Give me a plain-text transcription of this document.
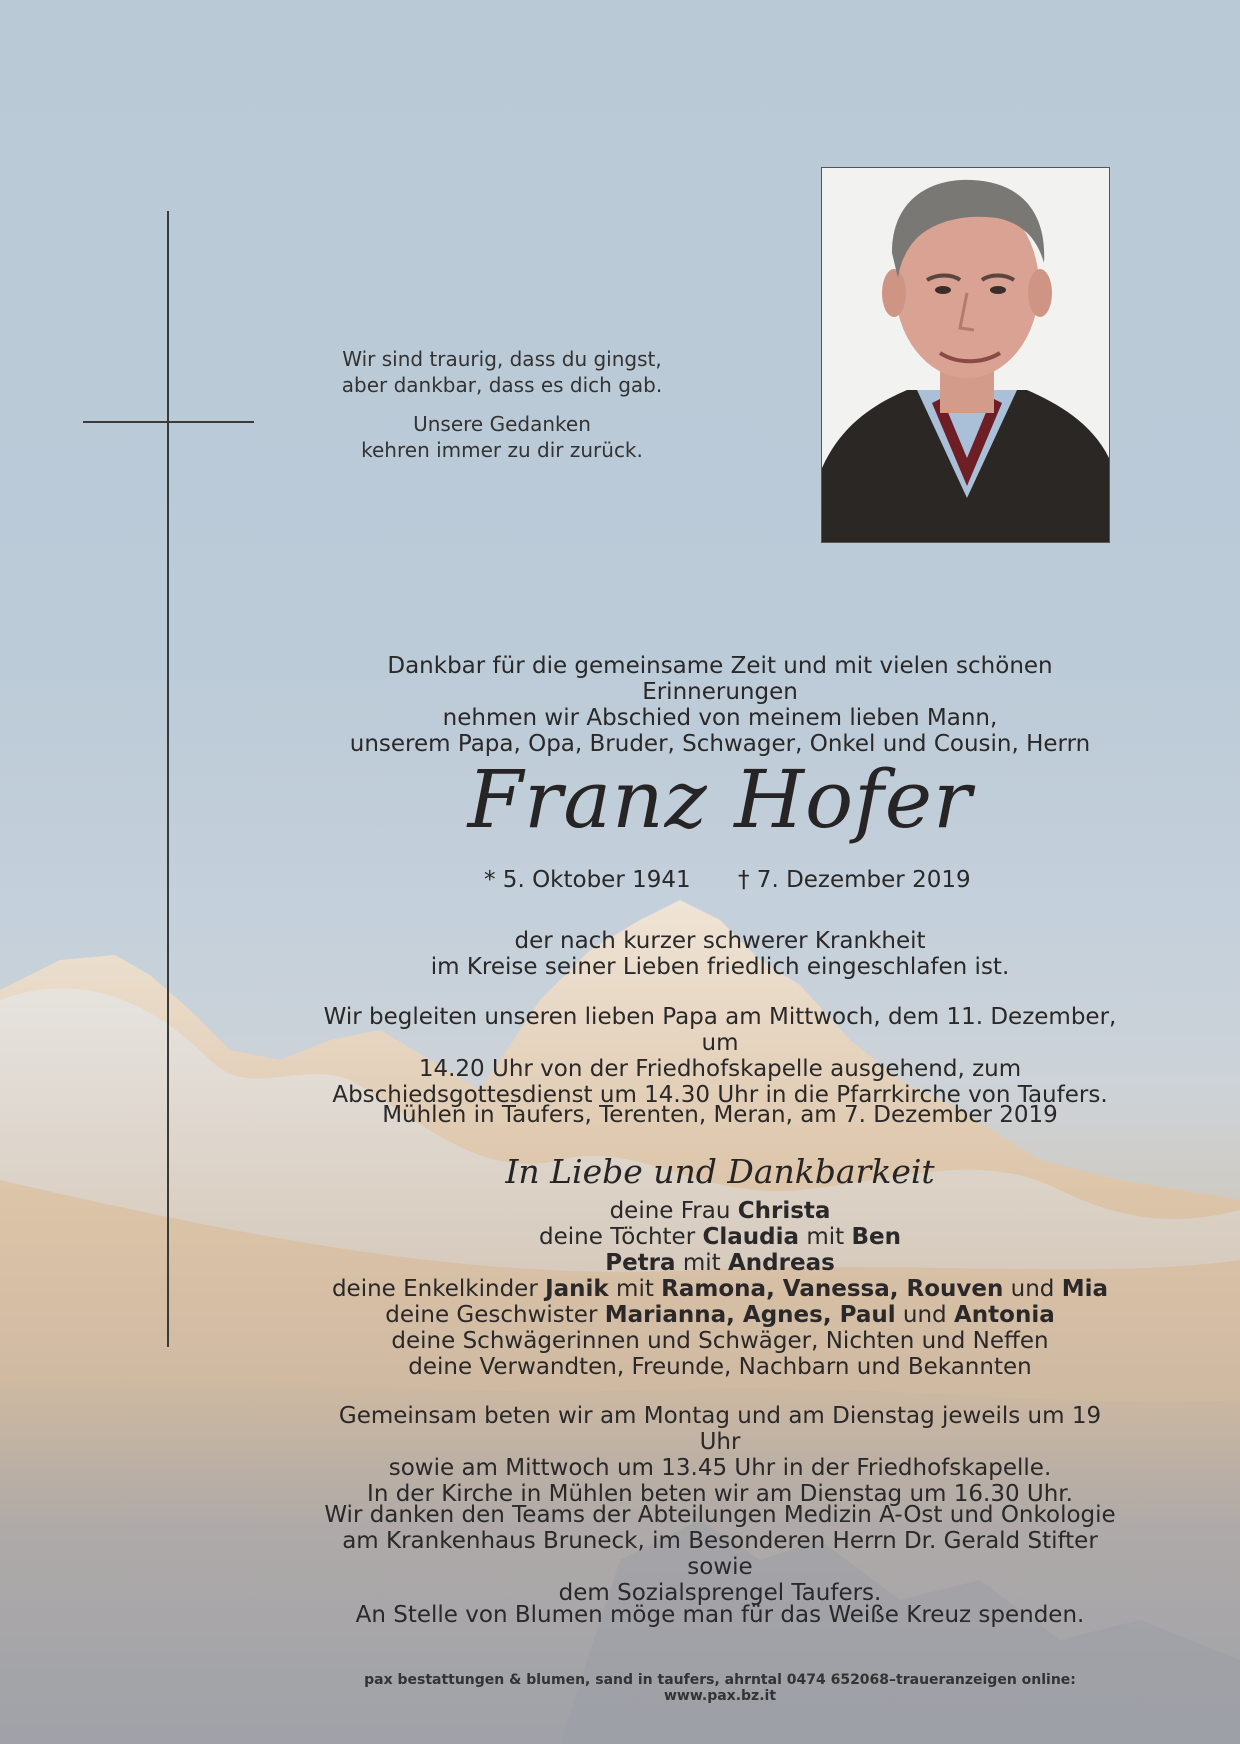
Wir sind traurig, dass du gingst,
aber dankbar, dass es dich gab.
Unsere Gedanken
kehren immer zu dir zurück.
Dankbar für die gemeinsame Zeit und mit vielen schönen Erinnerungen
nehmen wir Abschied von meinem lieben Mann,
unserem Papa, Opa, Bruder, Schwager, Onkel und Cousin, Herrn
Franz Hofer
* 5. Oktober 1941 † 7. Dezember 2019
der nach kurzer schwerer Krankheit
im Kreise seiner Lieben friedlich eingeschlafen ist.
Wir begleiten unseren lieben Papa am Mittwoch, dem 11. Dezember, um
14.20 Uhr von der Friedhofskapelle ausgehend, zum
Abschiedsgottesdienst um 14.30 Uhr in die Pfarrkirche von Taufers.
Mühlen in Taufers, Terenten, Meran, am 7. Dezember 2019
In Liebe und Dankbarkeit
deine Frau Christa
deine Töchter Claudia mit Ben
Petra mit Andreas
deine Enkelkinder Janik mit Ramona, Vanessa, Rouven und Mia
deine Geschwister Marianna, Agnes, Paul und Antonia
deine Schwägerinnen und Schwäger, Nichten und Neffen
deine Verwandten, Freunde, Nachbarn und Bekannten
Gemeinsam beten wir am Montag und am Dienstag jeweils um 19 Uhr
sowie am Mittwoch um 13.45 Uhr in der Friedhofskapelle.
In der Kirche in Mühlen beten wir am Dienstag um 16.30 Uhr.
Wir danken den Teams der Abteilungen Medizin A-Ost und Onkologie
am Krankenhaus Bruneck, im Besonderen Herrn Dr. Gerald Stifter sowie
dem Sozialsprengel Taufers.
An Stelle von Blumen möge man für das Weiße Kreuz spenden.
pax bestattungen & blumen, sand in taufers, ahrntal 0474 652068–traueranzeigen online: www.pax.bz.it
